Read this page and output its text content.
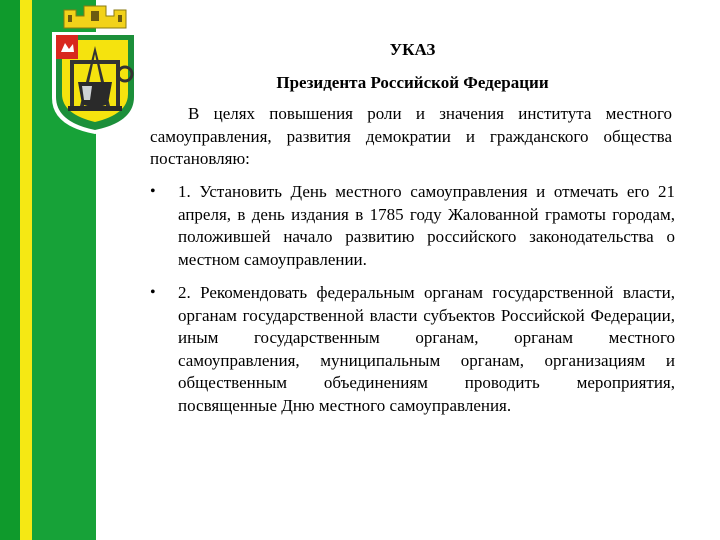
УКАЗ
Президента Российской Федерации
В целях повышения роли и значения института местного самоуправления, развития демократии и гражданского общества постановляю:
• 1. Установить День местного самоуправления и отмечать его 21 апреля, в день издания в 1785 году Жалованной грамоты городам, положившей начало развитию российского законодательства о местном самоуправлении.
• 2. Рекомендовать федеральным органам государственной власти, органам государственной власти субъектов Российской Федерации, иным государственным органам, органам местного самоуправления, муниципальным органам, организациям и общественным объединениям проводить мероприятия, посвященные Дню местного самоуправления.
